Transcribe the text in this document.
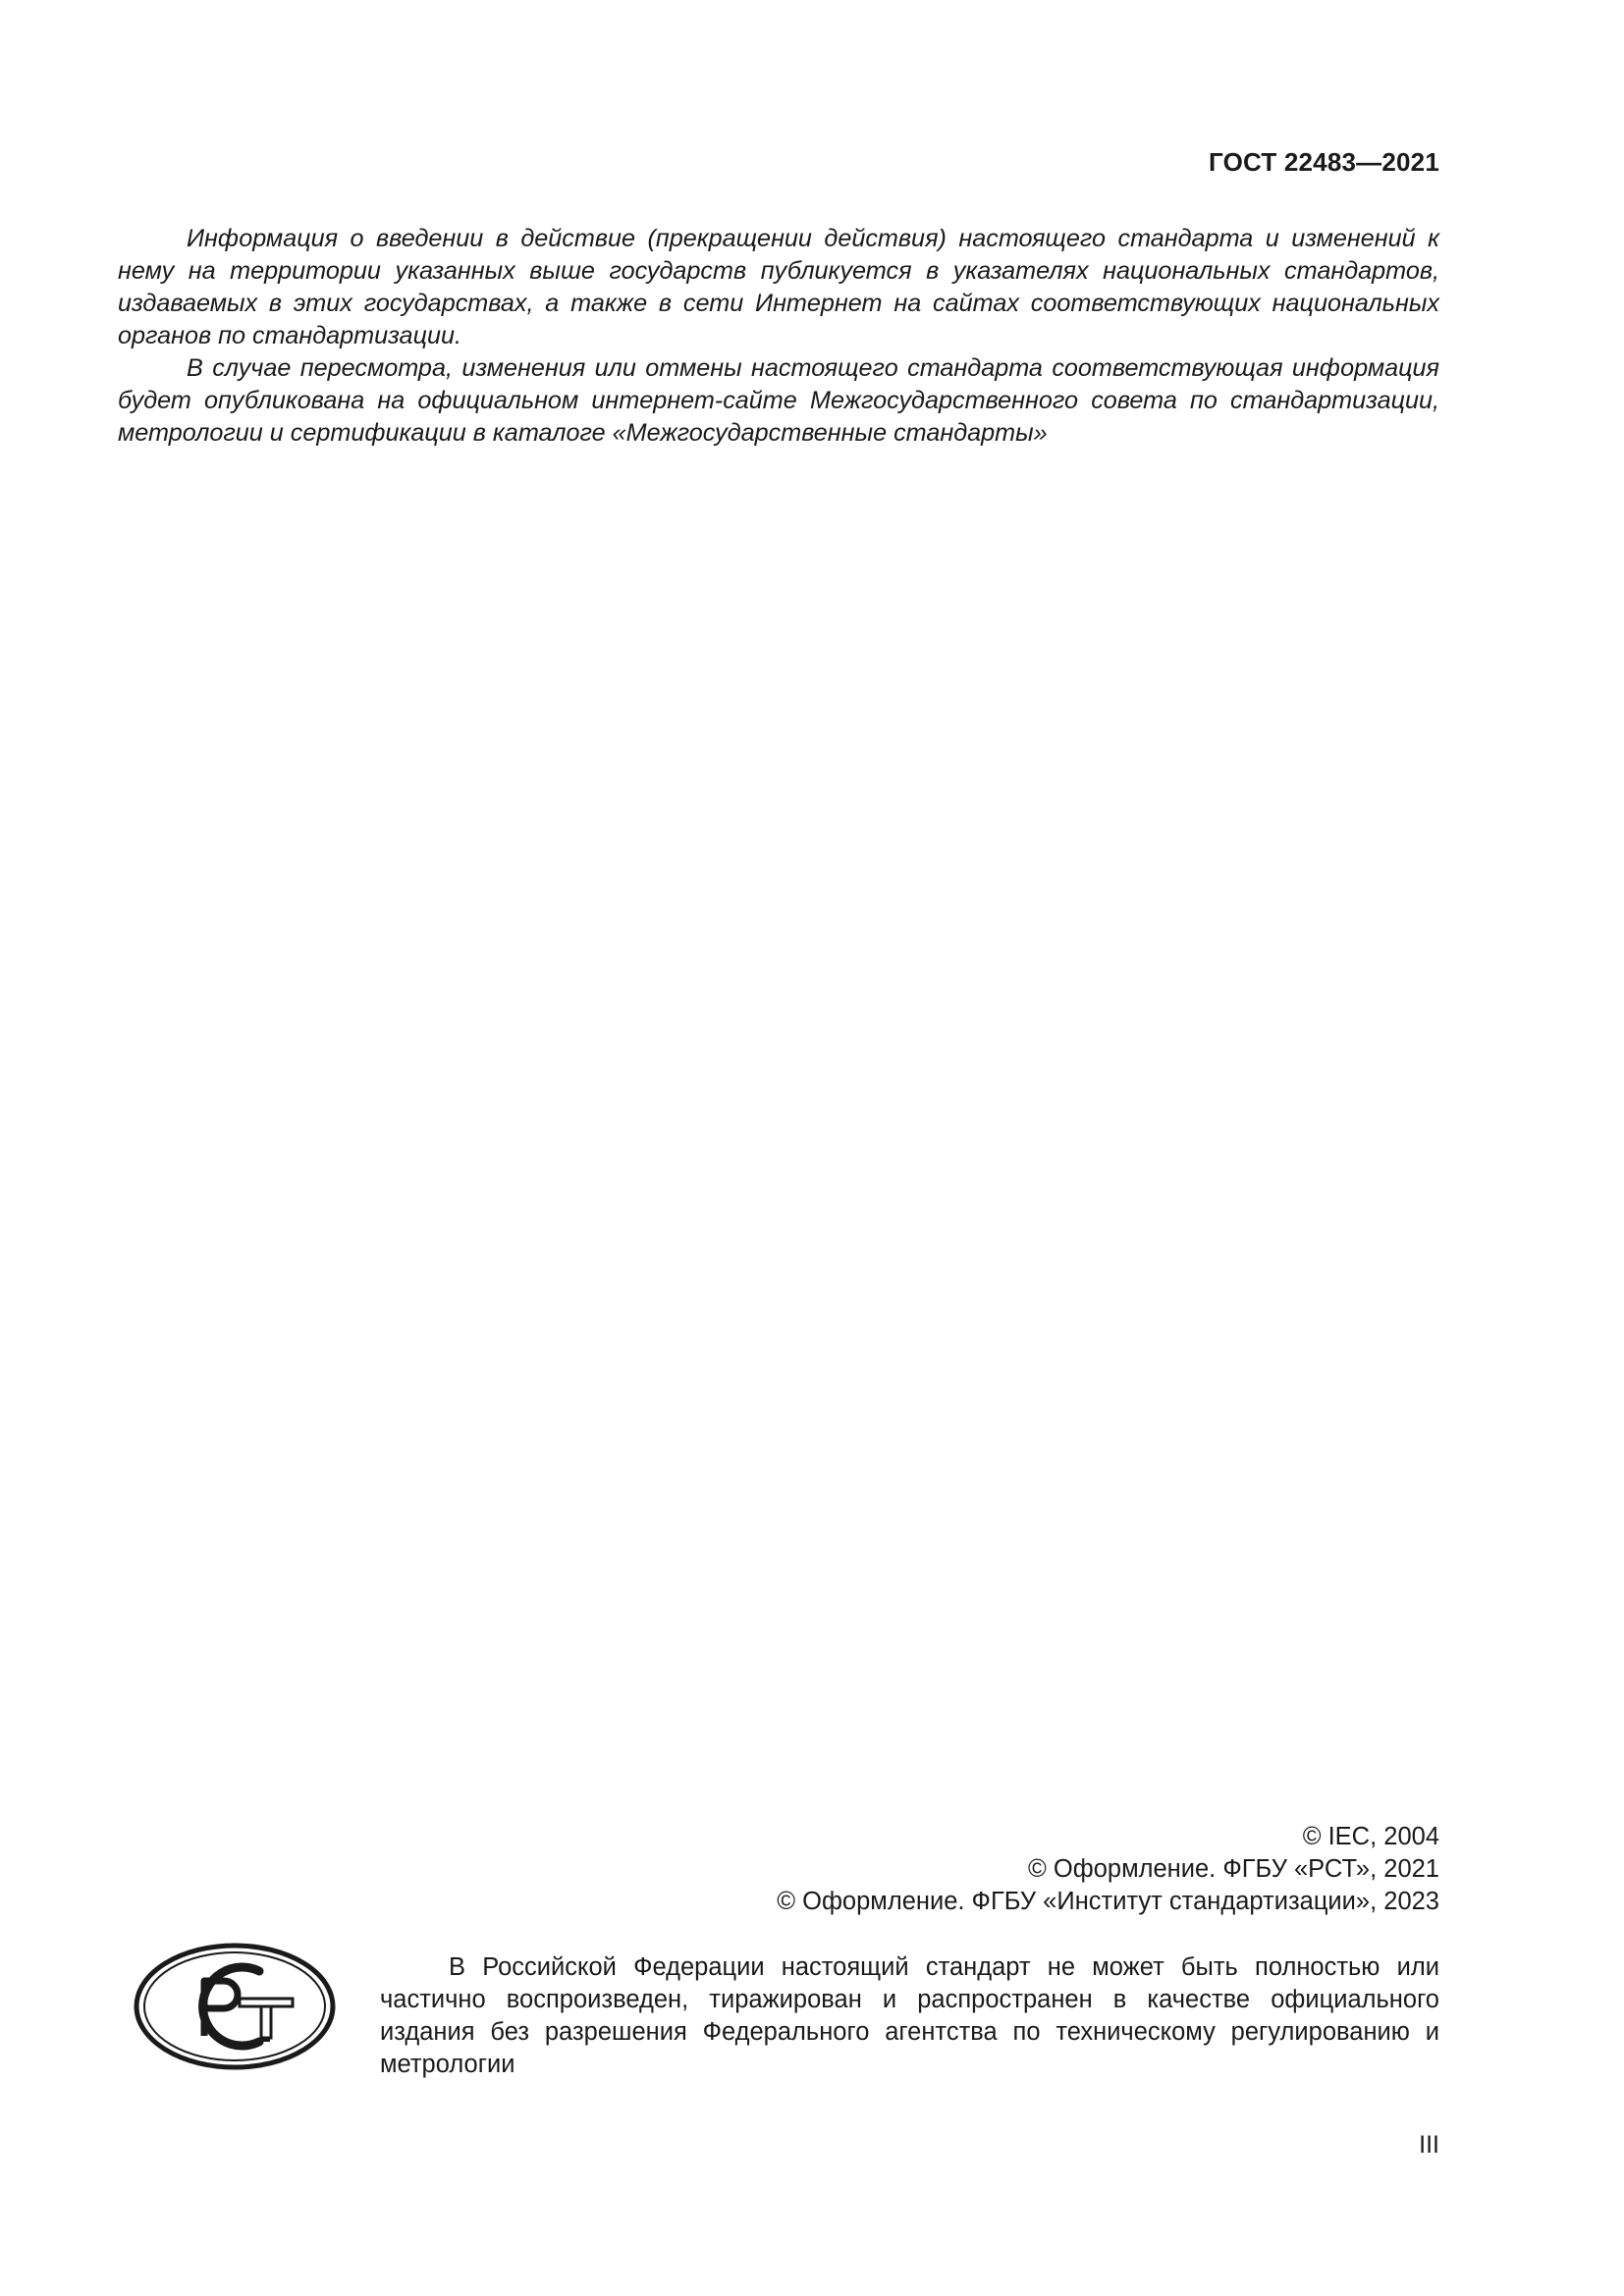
ГОСТ 22483—2021

Информация о введении в действие (прекращении действия) настоящего стандарта и изменений к нему на территории указанных выше государств публикуется в указателях национальных стандартов, издаваемых в этих государствах, а также в сети Интернет на сайтах соответствующих национальных органов по стандартизации.

В случае пересмотра, изменения или отмены настоящего стандарта соответствующая информация будет опубликована на официальном интернет-сайте Межгосударственного совета по стандартизации, метрологии и сертификации в каталоге «Межгосударственные стандарты»

© IEC, 2004
© Оформление. ФГБУ «РСТ», 2021
© Оформление. ФГБУ «Институт стандартизации», 2023

В Российской Федерации настоящий стандарт не может быть полностью или частично воспроизведен, тиражирован и распространен в качестве официального издания без разрешения Федерального агентства по техническому регулированию и метрологии

III
